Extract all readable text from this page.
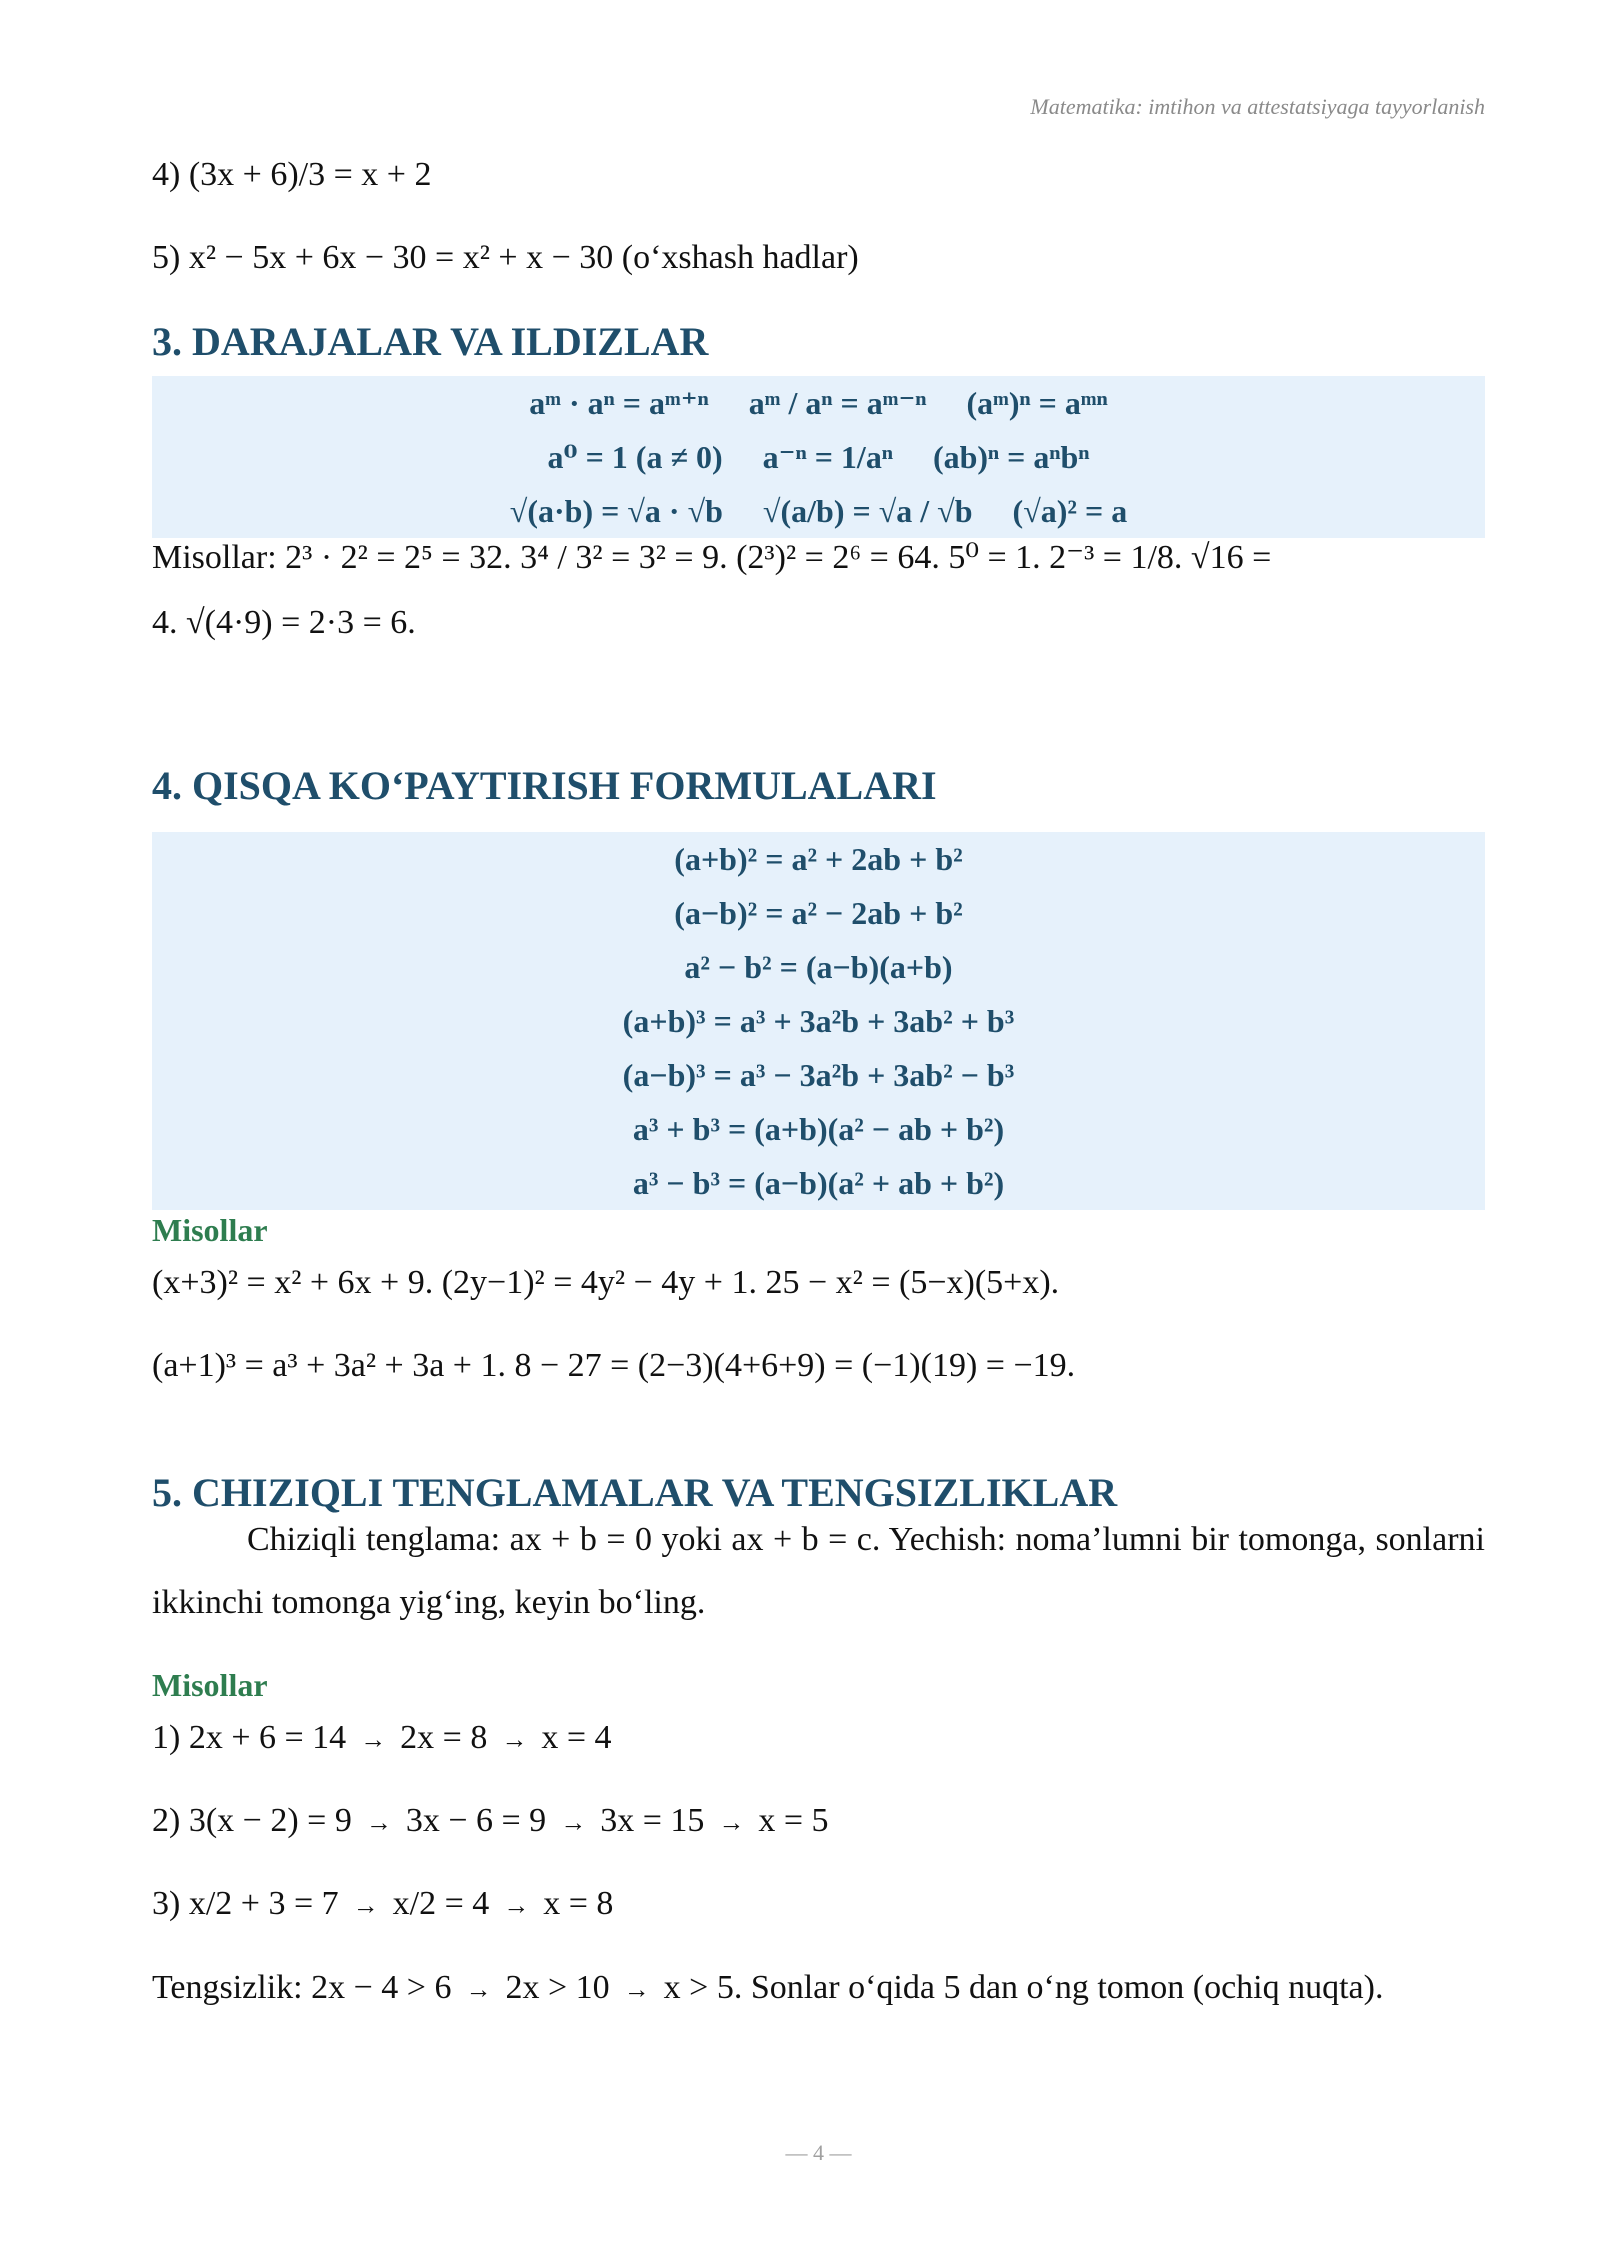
Matematika: imtihon va attestatsiyaga tayyorlanish
4) (3x + 6)/3 = x + 2
5) x² − 5x + 6x − 30 = x² + x − 30 (o‘xshash hadlar)
3. DARAJALAR VA ILDIZLAR
aᵐ · aⁿ = aᵐ⁺ⁿ aᵐ / aⁿ = aᵐ⁻ⁿ (aᵐ)ⁿ = aᵐⁿ
a⁰ = 1 (a ≠ 0) a⁻ⁿ = 1/aⁿ (ab)ⁿ = aⁿbⁿ
√(a·b) = √a · √b √(a/b) = √a / √b (√a)² = a
Misollar: 2³ · 2² = 2⁵ = 32. 3⁴ / 3² = 3² = 9. (2³)² = 2⁶ = 64. 5⁰ = 1. 2⁻³ = 1/8. √16 =
4. √(4·9) = 2·3 = 6.
4. QISQA KO‘PAYTIRISH FORMULALARI
(a+b)² = a² + 2ab + b²
(a−b)² = a² − 2ab + b²
a² − b² = (a−b)(a+b)
(a+b)³ = a³ + 3a²b + 3ab² + b³
(a−b)³ = a³ − 3a²b + 3ab² − b³
a³ + b³ = (a+b)(a² − ab + b²)
a³ − b³ = (a−b)(a² + ab + b²)
Misollar
(x+3)² = x² + 6x + 9. (2y−1)² = 4y² − 4y + 1. 25 − x² = (5−x)(5+x).
(a+1)³ = a³ + 3a² + 3a + 1. 8 − 27 = (2−3)(4+6+9) = (−1)(19) = −19.
5. CHIZIQLI TENGLAMALAR VA TENGSIZLIKLAR
Chiziqli tenglama: ax + b = 0 yoki ax + b = c. Yechish: noma’lumni bir tomonga, sonlarni ikkinchi tomonga yig‘ing, keyin bo‘ling.
Misollar
1) 2x + 6 = 14 → 2x = 8 → x = 4
2) 3(x − 2) = 9 → 3x − 6 = 9 → 3x = 15 → x = 5
3) x/2 + 3 = 7 → x/2 = 4 → x = 8
Tengsizlik: 2x − 4 > 6 → 2x > 10 → x > 5. Sonlar o‘qida 5 dan o‘ng tomon (ochiq nuqta).
— 4 —
